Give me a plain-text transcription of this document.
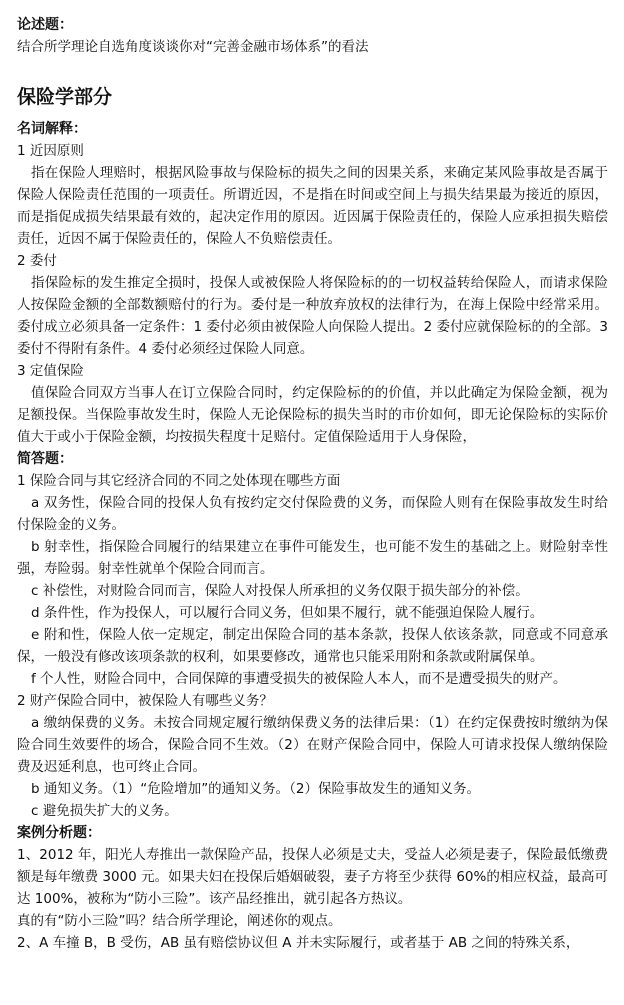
论述题：

结合所学理论自选角度谈谈你对“完善金融市场体系”的看法

保险学部分
名词解释：

1 近因原则

指在保险人理赔时，根据风险事故与保险标的损失之间的因果关系，来确定某风险事故是否属于保险人保险责任范围的一项责任。所谓近因，不是指在时间或空间上与损失结果最为接近的原因，而是指促成损失结果最有效的，起决定作用的原因。近因属于保险责任的，保险人应承担损失赔偿责任，近因不属于保险责任的，保险人不负赔偿责任。

2 委付

指保险标的发生推定全损时，投保人或被保险人将保险标的的一切权益转给保险人，而请求保险人按保险金额的全部数额赔付的行为。委付是一种放弃放权的法律行为，在海上保险中经常采用。委付成立必须具备一定条件：1 委付必须由被保险人向保险人提出。2 委付应就保险标的的全部。3 委付不得附有条件。4 委付必须经过保险人同意。

3 定值保险

值保险合同双方当事人在订立保险合同时，约定保险标的的价值，并以此确定为保险金额，视为足额投保。当保险事故发生时，保险人无论保险标的损失当时的市价如何，即无论保险标的实际价值大于或小于保险金额，均按损失程度十足赔付。定值保险适用于人身保险，

简答题：

1 保险合同与其它经济合同的不同之处体现在哪些方面

a 双务性，保险合同的投保人负有按约定交付保险费的义务，而保险人则有在保险事故发生时给付保险金的义务。

b 射幸性，指保险合同履行的结果建立在事件可能发生，也可能不发生的基础之上。财险射幸性强，寿险弱。射幸性就单个保险合同而言。

c 补偿性，对财险合同而言，保险人对投保人所承担的义务仅限于损失部分的补偿。

d 条件性，作为投保人，可以履行合同义务，但如果不履行，就不能强迫保险人履行。

e 附和性，保险人依一定规定，制定出保险合同的基本条款，投保人依该条款，同意或不同意承保，一般没有修改该项条款的权利，如果要修改，通常也只能采用附和条款或附属保单。

f 个人性，财险合同中，合同保障的事遭受损失的被保险人本人，而不是遭受损失的财产。

2 财产保险合同中，被保险人有哪些义务？

a 缴纳保费的义务。未按合同规定履行缴纳保费义务的法律后果：（1）在约定保费按时缴纳为保险合同生效要件的场合，保险合同不生效。（2）在财产保险合同中，保险人可请求投保人缴纳保险费及迟延利息，也可终止合同。

b 通知义务。（1）“危险增加”的通知义务。（2）保险事故发生的通知义务。

c 避免损失扩大的义务。

案例分析题：

1、2012 年，阳光人寿推出一款保险产品，投保人必须是丈夫，受益人必须是妻子，保险最低缴费额是每年缴费 3000 元。如果夫妇在投保后婚姻破裂，妻子方将至少获得 60%的相应权益，最高可达 100%，被称为“防小三险”。该产品经推出，就引起各方热议。

真的有“防小三险”吗？结合所学理论，阐述你的观点。

2、A 车撞 B，B 受伤，AB 虽有赔偿协议但 A 并未实际履行，或者基于 AB 之间的特殊关系，
